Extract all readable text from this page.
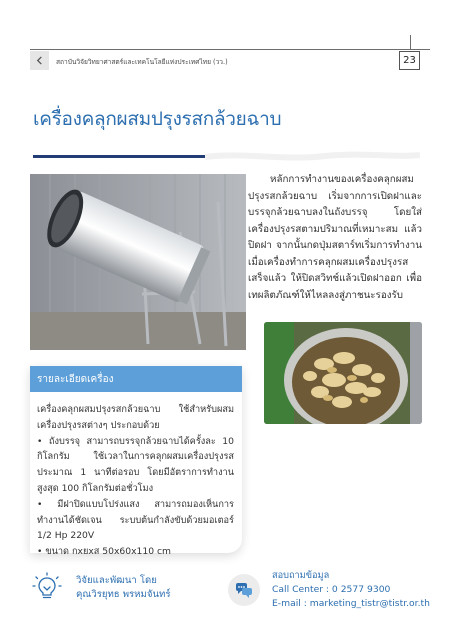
สถาบันวิจัยวิทยาศาสตร์และเทคโนโลยีแห่งประเทศไทย (วว.)	23
เครื่องคลุกผสมปรุงรสกล้วยฉาบ
หลักการทำงานของเครื่องคลุกผสมปรุงรสกล้วยฉาบ เริ่มจากการเปิดฝาและบรรจุกล้วยฉาบลงในถังบรรจุ โดยใส่เครื่องปรุงรสตามปริมาณที่เหมาะสม แล้วปิดฝา จากนั้นกดปุ่มสตาร์ทเริ่มการทำงาน เมื่อเครื่องทำการคลุกผสมเครื่องปรุงรสเสร็จแล้ว ให้ปิดสวิทช์แล้วเปิดฝาออก เพื่อเทผลิตภัณฑ์ให้ไหลลงสู่ภาชนะรองรับ
รายละเอียดเครื่อง

เครื่องคลุกผสมปรุงรสกล้วยฉาบ ใช้สำหรับผสมเครื่องปรุงรสต่างๆ ประกอบด้วย

• ถังบรรจุ สามารถบรรจุกล้วยฉาบได้ครั้งละ 10 กิโลกรัม ใช้เวลาในการคลุกผสมเครื่องปรุงรส ประมาณ 1 นาทีต่อรอบ โดยมีอัตราการทำงานสูงสุด 100 กิโลกรัมต่อชั่วโมง

• มีฝาปิดแบบโปร่งแสง สามารถมองเห็นการทำงานได้ชัดเจน ระบบต้นกำลังขับด้วยมอเตอร์ 1/2 Hp 220V

• ขนาด กxยxส 50x60x110 cm

วิจัยและพัฒนา โดย
คุณวิรยุทธ พรหมจันทร์
สอบถามข้อมูล
Call Center : 0 2577 9300
E-mail : marketing_tistr@tistr.or.th
